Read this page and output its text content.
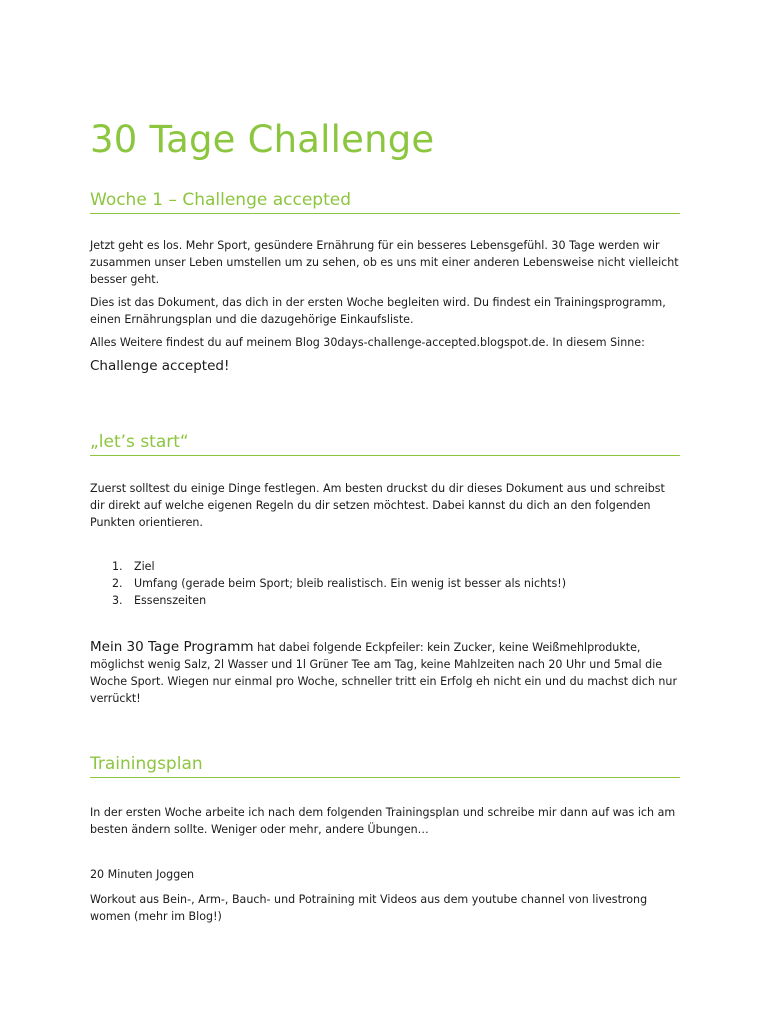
30 Tage Challenge
Woche 1 – Challenge accepted
Jetzt geht es los. Mehr Sport, gesündere Ernährung für ein besseres Lebensgefühl. 30 Tage werden wir zusammen unser Leben umstellen um zu sehen, ob es uns mit einer anderen Lebensweise nicht vielleicht besser geht.
Dies ist das Dokument, das dich in der ersten Woche begleiten wird. Du findest ein Trainingsprogramm, einen Ernährungsplan und die dazugehörige Einkaufsliste.
Alles Weitere findest du auf meinem Blog 30days-challenge-accepted.blogspot.de. In diesem Sinne:
Challenge accepted!
„let’s start“
Zuerst solltest du einige Dinge festlegen. Am besten druckst du dir dieses Dokument aus und schreibst dir direkt auf welche eigenen Regeln du dir setzen möchtest. Dabei kannst du dich an den folgenden Punkten orientieren.
1.	Ziel
2.	Umfang (gerade beim Sport; bleib realistisch. Ein wenig ist besser als nichts!)
3.	Essenszeiten
Mein 30 Tage Programm hat dabei folgende Eckpfeiler: kein Zucker, keine Weißmehlprodukte, möglichst wenig Salz, 2l Wasser und 1l Grüner Tee am Tag, keine Mahlzeiten nach 20 Uhr und 5mal die Woche Sport. Wiegen nur einmal pro Woche, schneller tritt ein Erfolg eh nicht ein und du machst dich nur verrückt!
Trainingsplan
In der ersten Woche arbeite ich nach dem folgenden Trainingsplan und schreibe mir dann auf was ich am besten ändern sollte. Weniger oder mehr, andere Übungen…
20 Minuten Joggen
Workout aus Bein-, Arm-, Bauch- und Potraining mit Videos aus dem youtube channel von livestrong women (mehr im Blog!)
